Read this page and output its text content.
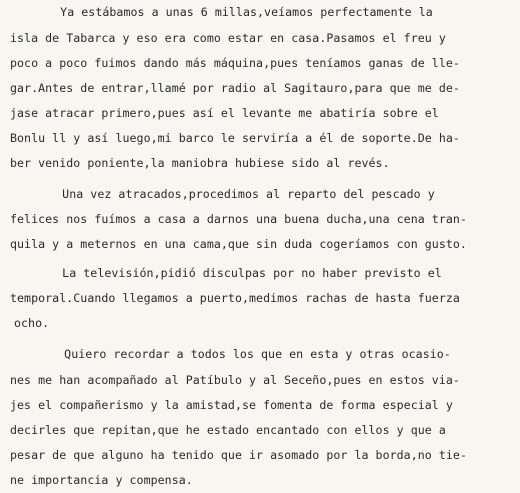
Ya estábamos a unas 6 millas,veíamos perfectamente la
isla de Tabarca y eso era como estar en casa.Pasamos el freu y
poco a poco fuimos dando más máquina,pues teníamos ganas de lle-
gar.Antes de entrar,llamé por radio al Sagitauro,para que me de-
jase atracar primero,pues así el levante me abatiría sobre el
Bonlu ll y así luego,mi barco le serviría a él de soporte.De ha-
ber venido poniente,la maniobra hubiese sido al revés.
Una vez atracados,procedimos al reparto del pescado y
felices nos fuímos a casa a darnos una buena ducha,una cena tran-
quila y a meternos en una cama,que sin duda cogeríamos con gusto.
La televisión,pidió disculpas por no haber previsto el
temporal.Cuando llegamos a puerto,medimos rachas de hasta fuerza
ocho.
Quiero recordar a todos los que en esta y otras ocasio-
nes me han acompañado al Patíbulo y al Seceño,pues en estos via-
jes el compañerismo y la amistad,se fomenta de forma especial y
decirles que repitan,que he estado encantado con ellos y que a
pesar de que alguno ha tenido que ir asomado por la borda,no tie-
ne importancia y compensa.
